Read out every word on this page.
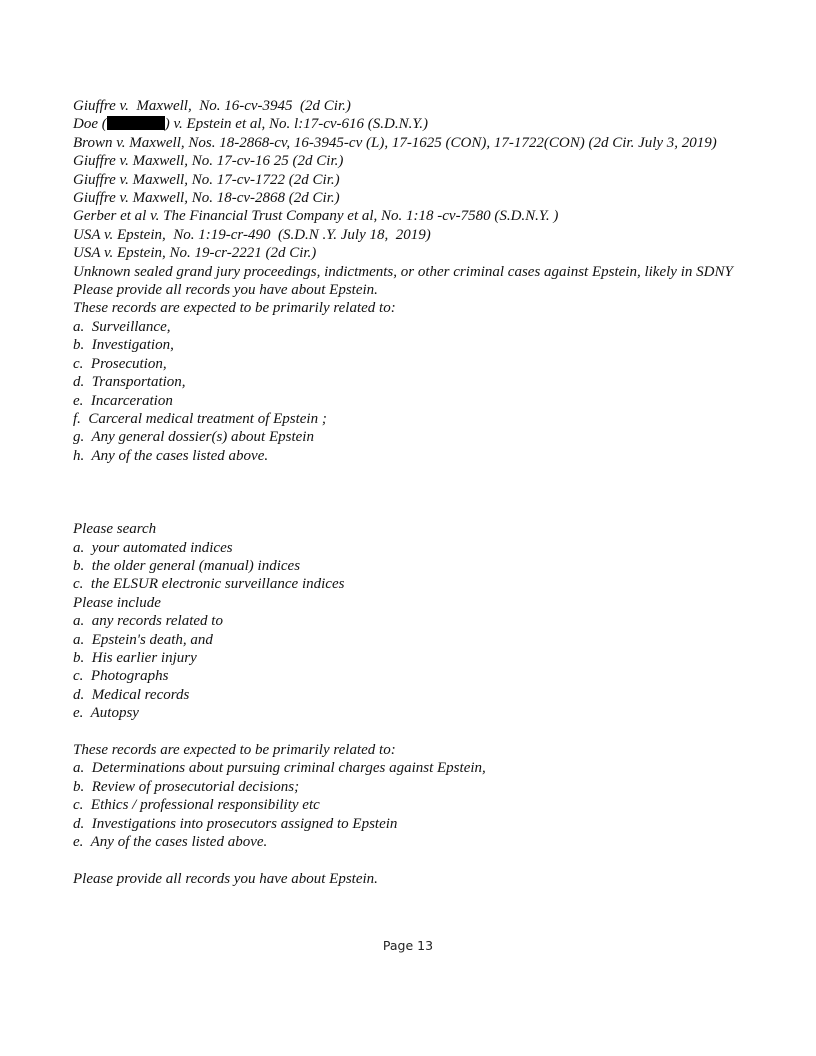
Giuffre v.  Maxwell,  No. 16-cv-3945  (2d Cir.)

Doe (	) v. Epstein et al, No. l:17-cv-616 (S.D.N.Y.)

Brown v. Maxwell, Nos. 18-2868-cv, 16-3945-cv (L), 17-1625 (CON), 17-1722(CON) (2d Cir. July 3, 2019)

Giuffre v. Maxwell, No. 17-cv-16 25 (2d Cir.)

Giuffre v. Maxwell, No. 17-cv-1722 (2d Cir.)

Giuffre v. Maxwell, No. 18-cv-2868 (2d Cir.)

Gerber et al v. The Financial Trust Company et al, No. 1:18 -cv-7580 (S.D.N.Y. )

USA v. Epstein,  No. 1:19-cr-490  (S.D.N .Y. July 18,  2019)

USA v. Epstein, No. 19-cr-2221 (2d Cir.)

Unknown sealed grand jury proceedings, indictments, or other criminal cases against Epstein, likely in SDNY

Please provide all records you have about Epstein.

These records are expected to be primarily related to:

a.  Surveillance,

b.  Investigation,

c.  Prosecution,

d.  Transportation,

e.  Incarceration

f.  Carceral medical treatment of Epstein ;

g.  Any general dossier(s) about Epstein

h.  Any of the cases listed above.

Please search

a.  your automated indices

b.  the older general (manual) indices

c.  the ELSUR electronic surveillance indices

Please include

a.  any records related to

a.  Epstein's death, and

b.  His earlier injury

c.  Photographs

d.  Medical records

e.  Autopsy

These records are expected to be primarily related to:

a.  Determinations about pursuing criminal charges against Epstein,

b.  Review of prosecutorial decisions;

c.  Ethics / professional responsibility etc

d.  Investigations into prosecutors assigned to Epstein

e.  Any of the cases listed above.

Please provide all records you have about Epstein.

Page 13
